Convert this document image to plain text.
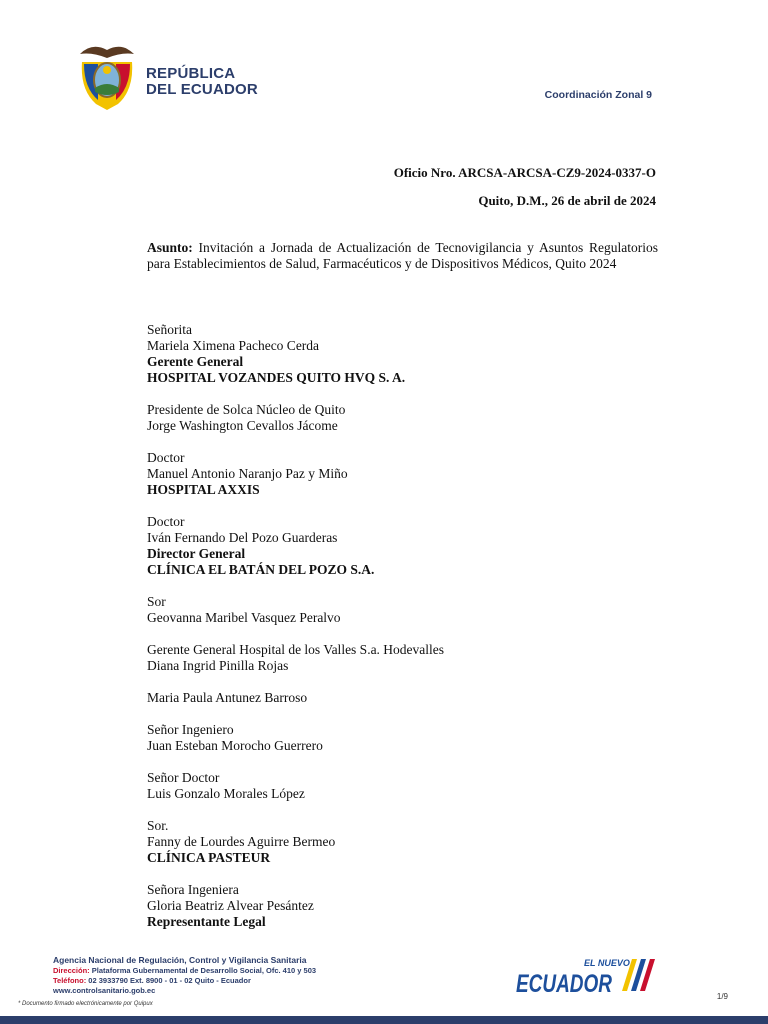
REPÚBLICA
DEL ECUADOR	Coordinación Zonal 9
Oficio Nro. ARCSA-ARCSA-CZ9-2024-0337-O
Quito, D.M., 26 de abril de 2024
Asunto: Invitación a Jornada de Actualización de Tecnovigilancia y Asuntos Regulatorios para Establecimientos de Salud, Farmacéuticos y de Dispositivos Médicos, Quito 2024
Señorita
Mariela Ximena Pacheco Cerda
Gerente General
HOSPITAL VOZANDES QUITO HVQ S. A.
Presidente de Solca Núcleo de Quito
Jorge Washington Cevallos Jácome
Doctor
Manuel Antonio Naranjo Paz y Miño
HOSPITAL AXXIS
Doctor
Iván Fernando Del Pozo Guarderas
Director General
CLÍNICA EL BATÁN DEL POZO S.A.
Sor
Geovanna Maribel Vasquez Peralvo
Gerente General Hospital de los Valles S.a. Hodevalles
Diana Ingrid Pinilla Rojas
Maria Paula Antunez Barroso
Señor Ingeniero
Juan Esteban Morocho Guerrero
Señor Doctor
Luis Gonzalo Morales López
Sor.
Fanny de Lourdes Aguirre Bermeo
CLÍNICA PASTEUR
Señora Ingeniera
Gloria Beatriz Alvear Pesántez
Representante Legal
Agencia Nacional de Regulación, Control y Vigilancia Sanitaria
Dirección: Plataforma Gubernamental de Desarrollo Social, Ofc. 410 y 503
Teléfono: 02 3933790 Ext. 8900 - 01 - 02 Quito - Ecuador
www.controlsanitario.gob.ec
* Documento firmado electrónicamente por Quipux
EL NUEVO
ECUADOR	1/9
